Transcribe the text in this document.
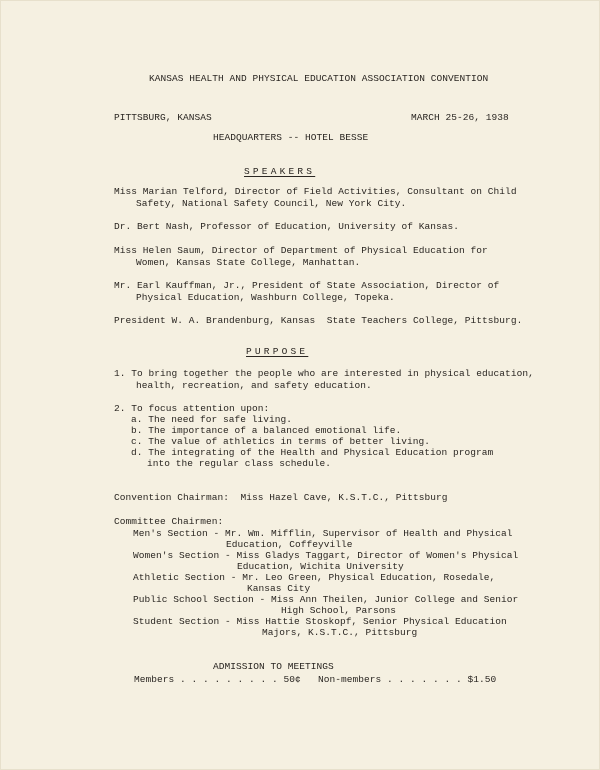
KANSAS HEALTH AND PHYSICAL EDUCATION ASSOCIATION CONVENTION
PITTSBURG, KANSAS	MARCH 25-26, 1938
HEADQUARTERS -- HOTEL BESSE
SPEAKERS
Miss Marian Telford, Director of Field Activities, Consultant on Child
Safety, National Safety Council, New York City.
Dr. Bert Nash, Professor of Education, University of Kansas.
Miss Helen Saum, Director of Department of Physical Education for
Women, Kansas State College, Manhattan.
Mr. Earl Kauffman, Jr., President of State Association, Director of
Physical Education, Washburn College, Topeka.
President W. A. Brandenburg, Kansas  State Teachers College, Pittsburg.
PURPOSE
1. To bring together the people who are interested in physical education,
health, recreation, and safety education.
2. To focus attention upon:
a. The need for safe living.
b. The importance of a balanced emotional life.
c. The value of athletics in terms of better living.
d. The integrating of the Health and Physical Education program
into the regular class schedule.
Convention Chairman:  Miss Hazel Cave, K.S.T.C., Pittsburg
Committee Chairmen:
Men's Section - Mr. Wm. Mifflin, Supervisor of Health and Physical
Education, Coffeyville
Women's Section - Miss Gladys Taggart, Director of Women's Physical
Education, Wichita University
Athletic Section - Mr. Leo Green, Physical Education, Rosedale,
Kansas City
Public School Section - Miss Ann Theilen, Junior College and Senior
High School, Parsons
Student Section - Miss Hattie Stoskopf, Senior Physical Education
Majors, K.S.T.C., Pittsburg
ADMISSION TO MEETINGS
Members . . . . . . . . . 50¢   Non-members . . . . . . . $1.50
